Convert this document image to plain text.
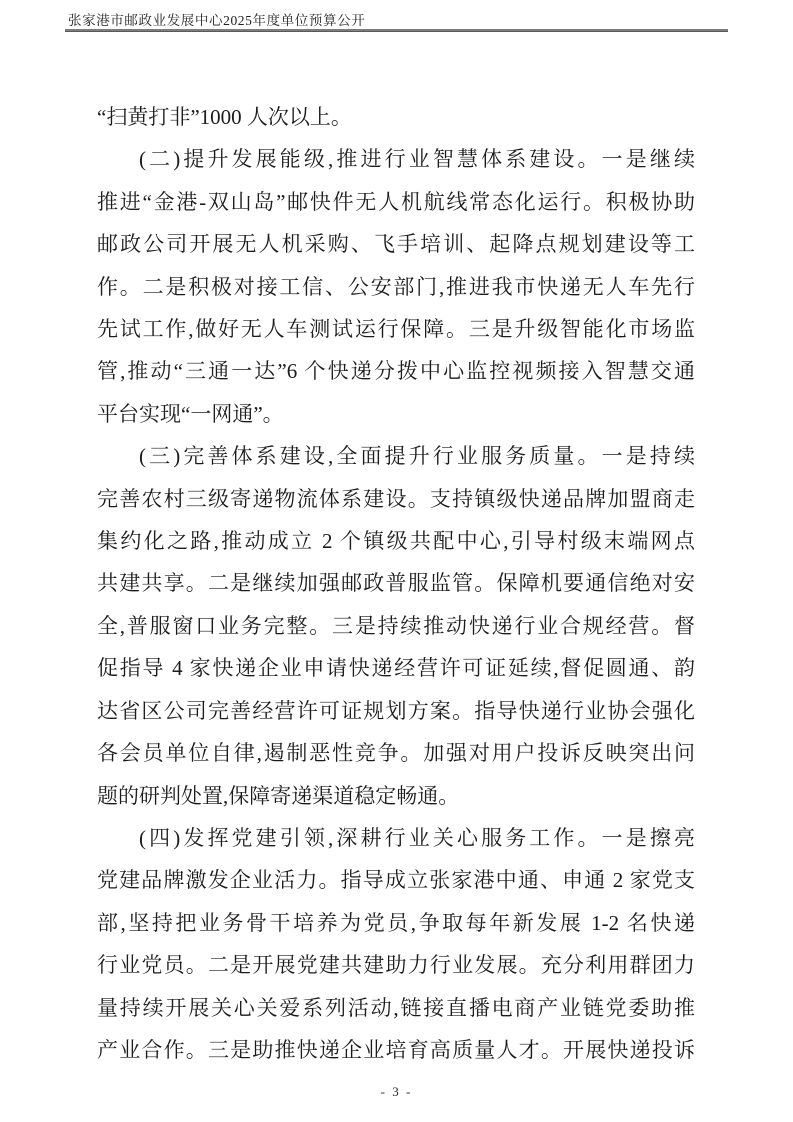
张家港市邮政业发展中心2025年度单位预算公开
“扫黄打非”1000 人次以上。
(二)提升发展能级,推进行业智慧体系建设。一是继续
推进“金港-双山岛”邮快件无人机航线常态化运行。积极协助
邮政公司开展无人机采购、飞手培训、起降点规划建设等工
作。二是积极对接工信、公安部门,推进我市快递无人车先行
先试工作,做好无人车测试运行保障。三是升级智能化市场监
管,推动“三通一达”6 个快递分拨中心监控视频接入智慧交通
平台实现“一网通”。
(三)完善体系建设,全面提升行业服务质量。一是持续
完善农村三级寄递物流体系建设。支持镇级快递品牌加盟商走
集约化之路,推动成立 2 个镇级共配中心,引导村级末端网点
共建共享。二是继续加强邮政普服监管。保障机要通信绝对安
全,普服窗口业务完整。三是持续推动快递行业合规经营。督
促指导 4 家快递企业申请快递经营许可证延续,督促圆通、韵
达省区公司完善经营许可证规划方案。指导快递行业协会强化
各会员单位自律,遏制恶性竞争。加强对用户投诉反映突出问
题的研判处置,保障寄递渠道稳定畅通。
(四)发挥党建引领,深耕行业关心服务工作。一是擦亮
党建品牌激发企业活力。指导成立张家港中通、申通 2 家党支
部,坚持把业务骨干培养为党员,争取每年新发展 1-2 名快递
行业党员。二是开展党建共建助力行业发展。充分利用群团力
量持续开展关心关爱系列活动,链接直播电商产业链党委助推
产业合作。三是助推快递企业培育高质量人才。开展快递投诉
- 3 -
